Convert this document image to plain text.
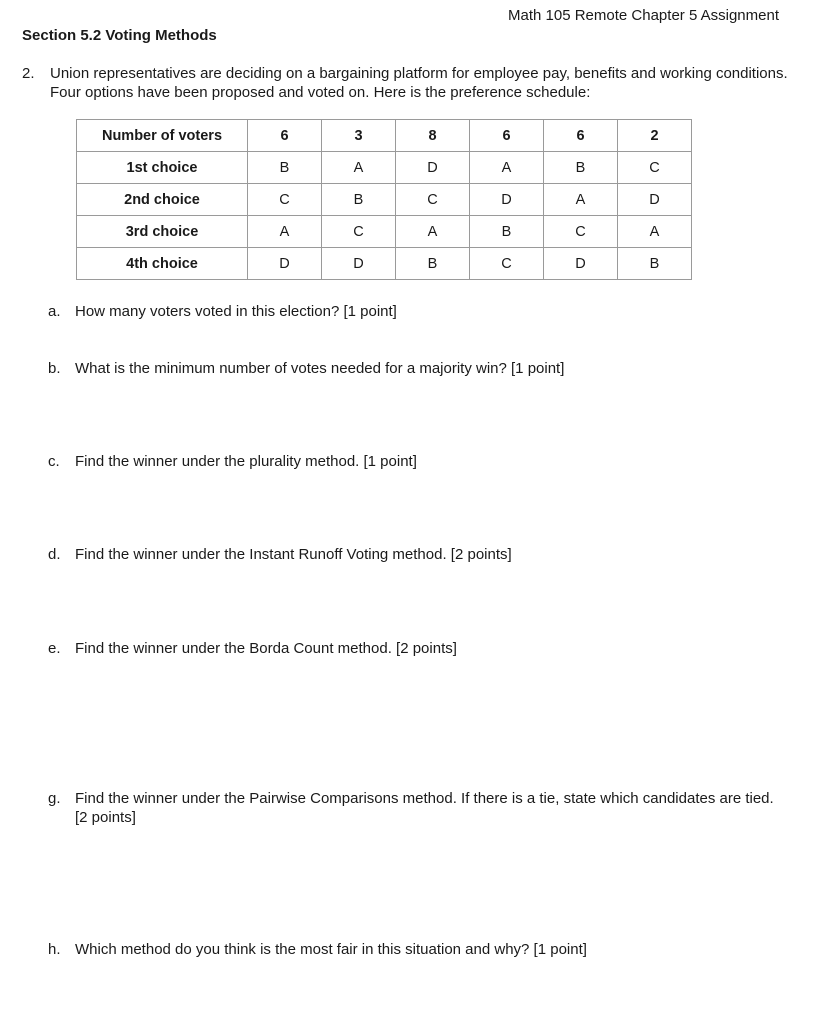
Math 105 Remote Chapter 5 Assignment
Section 5.2 Voting Methods
2. Union representatives are deciding on a bargaining platform for employee pay, benefits and working conditions. Four options have been proposed and voted on. Here is the preference schedule:
Number of voters	6	3	8	6	6	2
1st choice	B	A	D	A	B	C
2nd choice	C	B	C	D	A	D
3rd choice	A	C	A	B	C	A
4th choice	D	D	B	C	D	B
a. How many voters voted in this election? [1 point]
b. What is the minimum number of votes needed for a majority win? [1 point]
c. Find the winner under the plurality method. [1 point]
d. Find the winner under the Instant Runoff Voting method. [2 points]
e. Find the winner under the Borda Count method. [2 points]
g. Find the winner under the Pairwise Comparisons method. If there is a tie, state which candidates are tied. [2 points]
h. Which method do you think is the most fair in this situation and why? [1 point]
